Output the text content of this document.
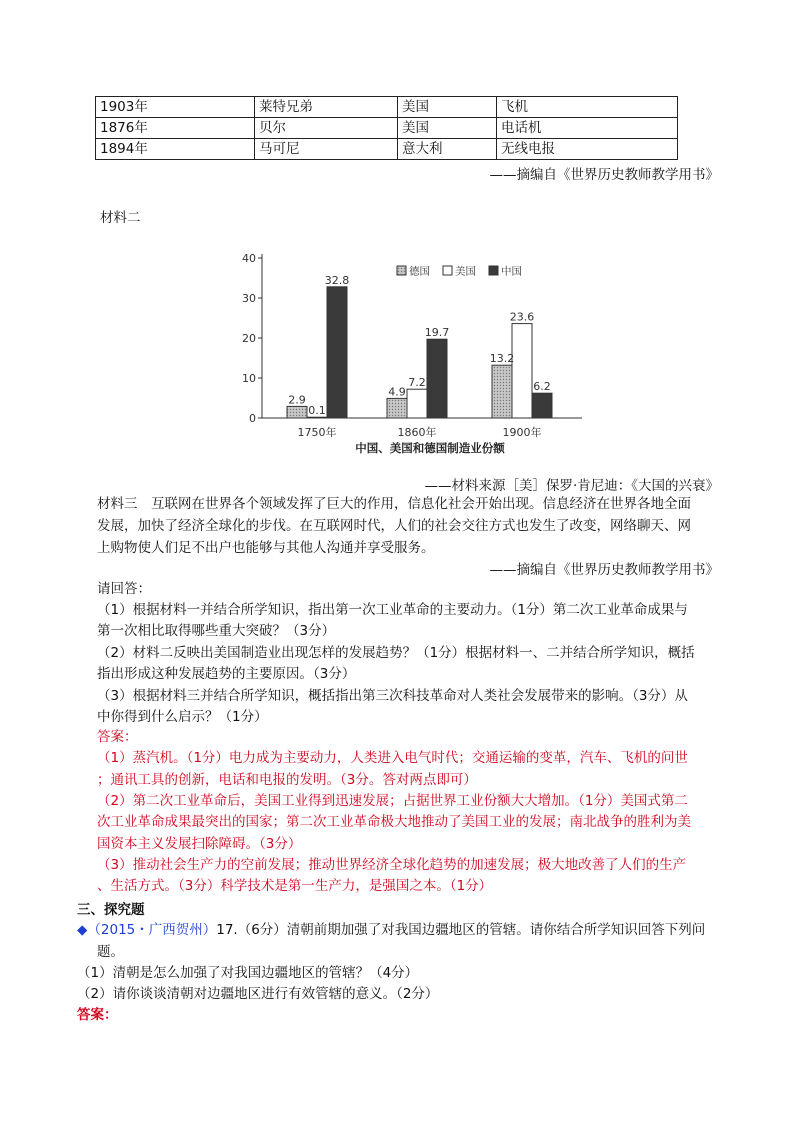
1903年	莱特兄弟	美国	飞机
1876年	贝尔	美国	电话机
1894年	马可尼	意大利	无线电报
——摘编自《世界历史教师教学用书》
材料二
0
10
20
30
40
2.9
0.1
32.8
1750年
4.9
7.2
19.7
1860年
13.2
23.6
6.2
1900年
德国 美国 中国
中国、美国和德国制造业份额
——材料来源［美］保罗·肯尼迪：《大国的兴衰》
材料三　互联网在世界各个领域发挥了巨大的作用，信息化社会开始出现。信息经济在世界各地全面
发展，加快了经济全球化的步伐。在互联网时代，人们的社会交往方式也发生了改变，网络聊天、网
上购物使人们足不出户也能够与其他人沟通并享受服务。
——摘编自《世界历史教师教学用书》
请回答：
（1）根据材料一并结合所学知识，指出第一次工业革命的主要动力。（1分）第二次工业革命成果与
第一次相比取得哪些重大突破？（3分）
（2）材料二反映出美国制造业出现怎样的发展趋势？（1分）根据材料一、二并结合所学知识，概括
指出形成这种发展趋势的主要原因。（3分）
（3）根据材料三并结合所学知识，概括指出第三次科技革命对人类社会发展带来的影响。（3分）从
中你得到什么启示？（1分）
答案：
（1）蒸汽机。（1分）电力成为主要动力，人类进入电气时代；交通运输的变革，汽车、飞机的问世
；通讯工具的创新，电话和电报的发明。（3分。答对两点即可）
（2）第二次工业革命后，美国工业得到迅速发展；占据世界工业份额大大增加。（1分）美国式第二
次工业革命成果最突出的国家；第二次工业革命极大地推动了美国工业的发展；南北战争的胜利为美
国资本主义发展扫除障碍。（3分）
（3）推动社会生产力的空前发展；推动世界经济全球化趋势的加速发展；极大地改善了人们的生产
、生活方式。（3分）科学技术是第一生产力，是强国之本。（1分）
三、探究题
◆（2015・广西贺州）17.（6分）清朝前期加强了对我国边疆地区的管辖。请你结合所学知识回答下列问
题。
（1）清朝是怎么加强了对我国边疆地区的管辖？（4分）
（2）请你谈谈清朝对边疆地区进行有效管辖的意义。（2分）
答案：
